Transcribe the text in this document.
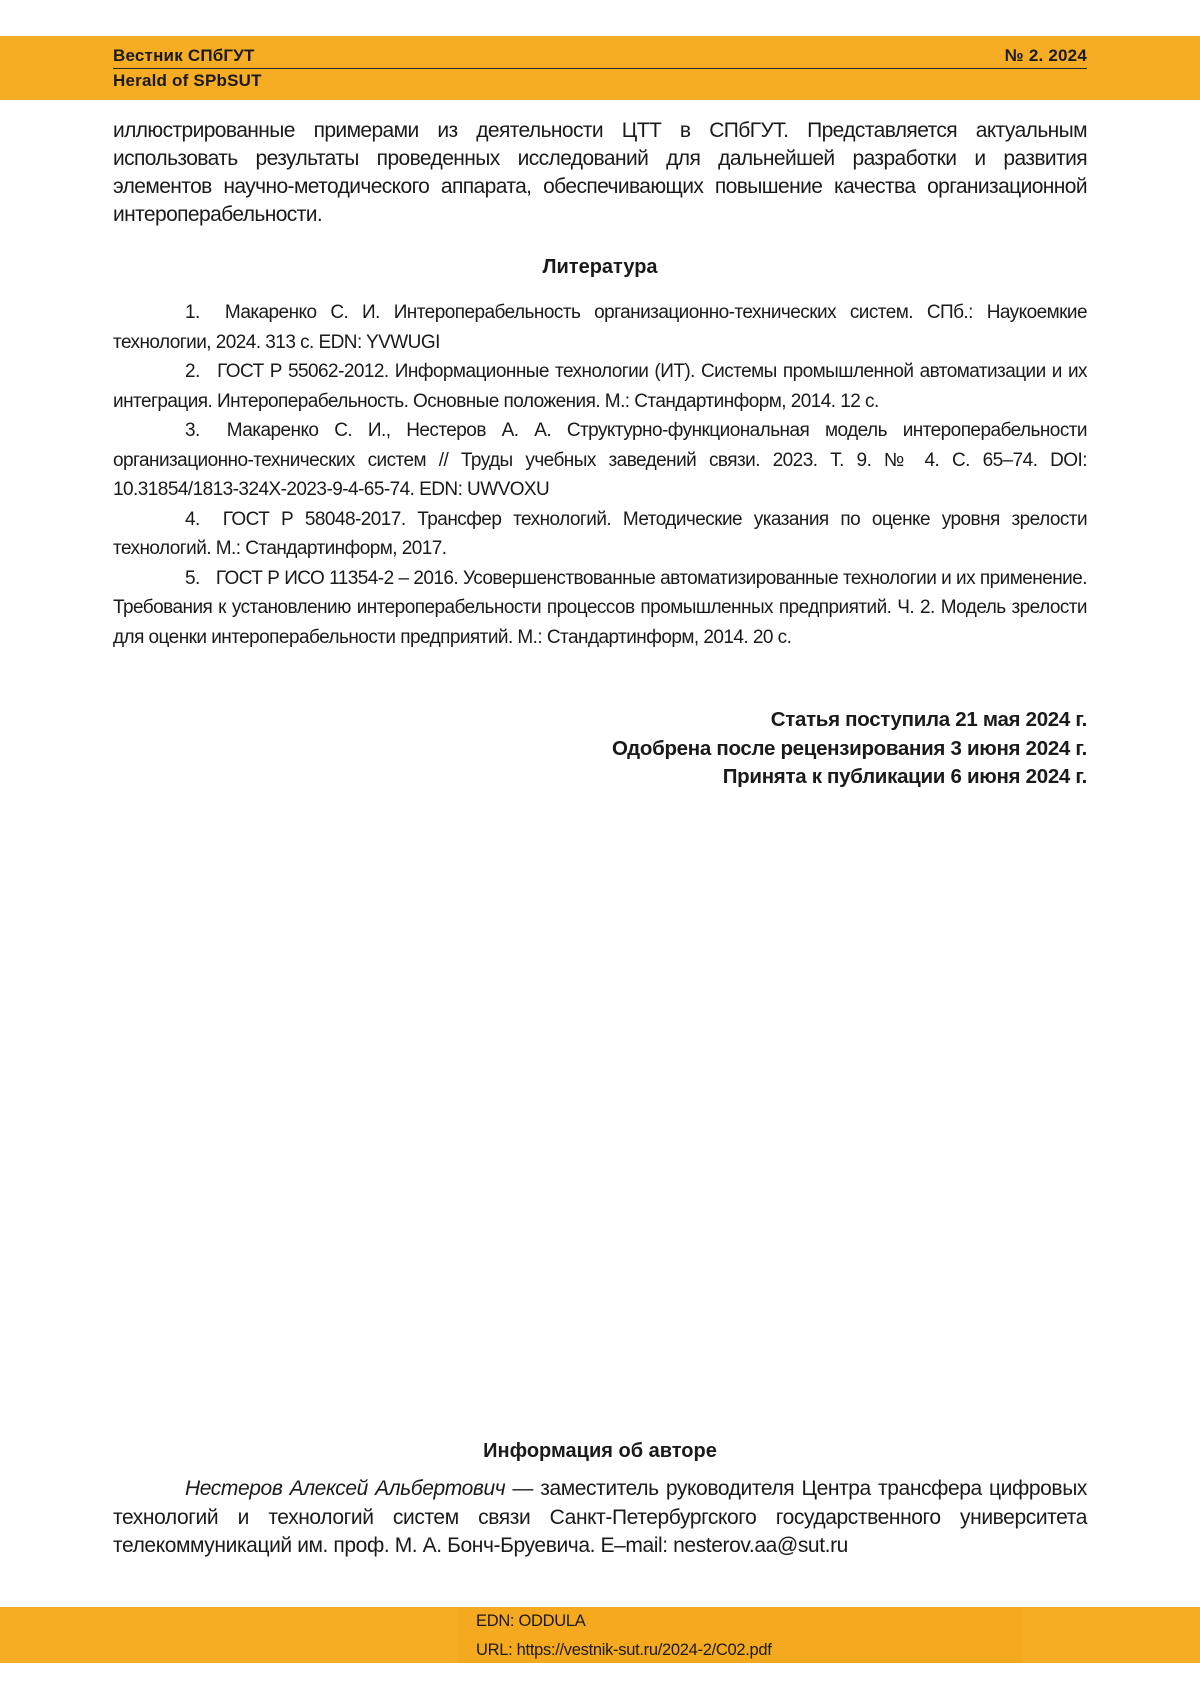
Вестник СПбГУТ	№ 2. 2024
Herald of SPbSUT
иллюстрированные примерами из деятельности ЦТТ в СПбГУТ. Представляется актуальным использовать результаты проведенных исследований для дальнейшей разработки и развития элементов научно-методического аппарата, обеспечивающих повышение качества организационной интероперабельности.
Литература
1. Макаренко С. И. Интероперабельность организационно-технических систем. СПб.: Наукоемкие технологии, 2024. 313 с. EDN: YVWUGI
2. ГОСТ Р 55062-2012. Информационные технологии (ИТ). Системы промышленной автоматизации и их интеграция. Интероперабельность. Основные положения. М.: Стандартинформ, 2014. 12 с.
3. Макаренко С. И., Нестеров А. А. Структурно-функциональная модель интероперабельности организационно-технических систем // Труды учебных заведений связи. 2023. Т. 9. № 4. С. 65–74. DOI: 10.31854/1813-324X-2023-9-4-65-74. EDN: UWVOXU
4. ГОСТ Р 58048-2017. Трансфер технологий. Методические указания по оценке уровня зрелости технологий. М.: Стандартинформ, 2017.
5. ГОСТ Р ИСО 11354-2 – 2016. Усовершенствованные автоматизированные технологии и их применение. Требования к установлению интероперабельности процессов промышленных предприятий. Ч. 2. Модель зрелости для оценки интероперабельности предприятий. М.: Стандартинформ, 2014. 20 с.
Статья поступила 21 мая 2024 г.
Одобрена после рецензирования 3 июня 2024 г.
Принята к публикации 6 июня 2024 г.
Информация об авторе
Нестеров Алексей Альбертович — заместитель руководителя Центра трансфера цифровых технологий и технологий систем связи Санкт-Петербургского государственного университета телекоммуникаций им. проф. М. А. Бонч-Бруевича. E–mail: nesterov.aa@sut.ru
EDN: ODDULA
URL: https://vestnik-sut.ru/2024-2/C02.pdf
